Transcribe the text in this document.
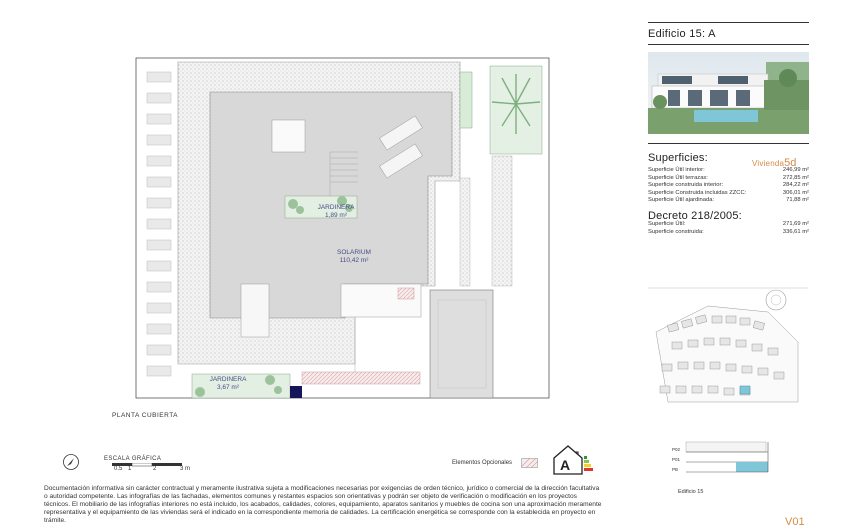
JARDINERA
1,89 m²
SOLARIUM
110,42 m²
JARDINERA
3,67 m²
PLANTA CUBIERTA
ESCALA GRÁFICA
0.5 1	2	3 m
Elementos Opcionales	A
Documentación informativa sin carácter contractual y meramente ilustrativa sujeta a modificaciones necesarias por exigencias de orden técnico, jurídico o comercial de la dirección facultativa o autoridad competente. Las infografías de las fachadas, elementos comunes y restantes espacios son orientativas y podrán ser objeto de verificación o modificación en los proyectos técnicos. El mobiliario de las infografías interiores no está incluido, los acabados, calidades, colores, equipamiento, aparatos sanitarios y muebles de cocina son una aproximación meramente representativa y el equipamiento de las viviendas será el indicado en la correspondiente memoria de calidades. La certificación energética se corresponde con la establecida en proyecto en trámite.
Edificio 15: A
Superficies:	Vivienda5d
Superficie Útil interior:	246,99 m²
Superficie Útil terrazas:	272,85 m²
Superficie construida interior:	284,22 m²
Superficie Construida incluidas ZZCC:	306,01 m²
Superficie Útil ajardinada:	71,88 m²
Decreto 218/2005:
Superficie Útil:	271,69 m²
Superficie construida:	336,61 m²
P02
P01
PB
Edificio 15
V01
